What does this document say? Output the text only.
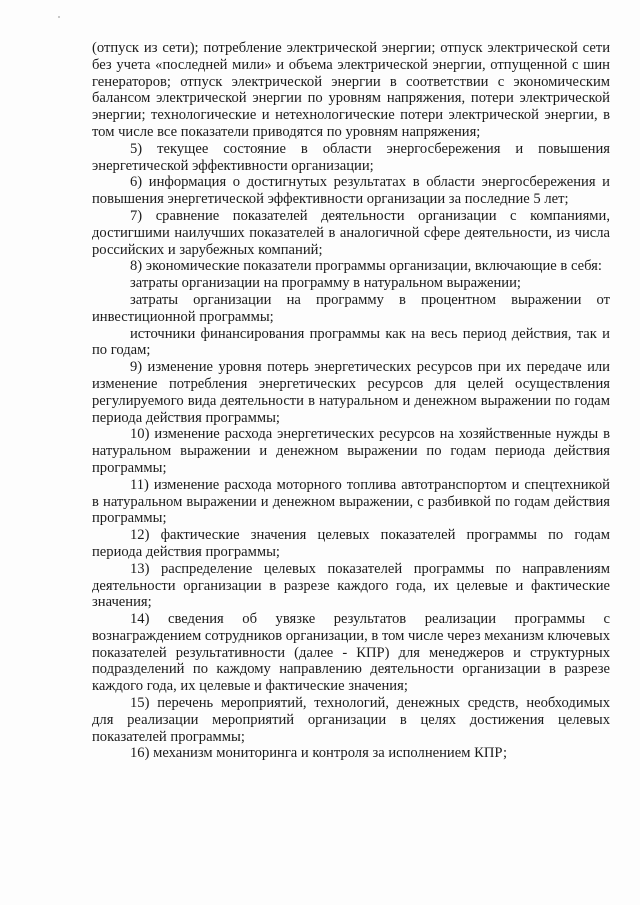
(отпуск из сети); потребление электрической энергии; отпуск электрической сети без учета «последней мили» и объема электрической энергии, отпущенной с шин генераторов; отпуск электрической энергии в соответствии с экономическим балансом электрической энергии по уровням напряжения, потери электрической энергии; технологические и нетехнологические потери электрической энергии, в том числе все показатели приводятся по уровням напряжения;

5) текущее состояние в области энергосбережения и повышения энергетической эффективности организации;

6) информация о достигнутых результатах в области энергосбережения и повышения энергетической эффективности организации за последние 5 лет;

7) сравнение показателей деятельности организации с компаниями, достигшими наилучших показателей в аналогичной сфере деятельности, из числа российских и зарубежных компаний;

8) экономические показатели программы организации, включающие в себя:

затраты организации на программу в натуральном выражении;

затраты организации на программу в процентном выражении от инвестиционной программы;

источники финансирования программы как на весь период действия, так и по годам;

9) изменение уровня потерь энергетических ресурсов при их передаче или изменение потребления энергетических ресурсов для целей осуществления регулируемого вида деятельности в натуральном и денежном выражении по годам периода действия программы;

10) изменение расхода энергетических ресурсов на хозяйственные нужды в натуральном выражении и денежном выражении по годам периода действия программы;

11) изменение расхода моторного топлива автотранспортом и спецтехникой в натуральном выражении и денежном выражении, с разбивкой по годам действия программы;

12) фактические значения целевых показателей программы по годам периода действия программы;

13) распределение целевых показателей программы по направлениям деятельности организации в разрезе каждого года, их целевые и фактические значения;

14) сведения об увязке результатов реализации программы с вознаграждением сотрудников организации, в том числе через механизм ключевых показателей результативности (далее - КПР) для менеджеров и структурных подразделений по каждому направлению деятельности организации в разрезе каждого года, их целевые и фактические значения;

15) перечень мероприятий, технологий, денежных средств, необходимых для реализации мероприятий организации в целях достижения целевых показателей программы;

16) механизм мониторинга и контроля за исполнением КПР;
